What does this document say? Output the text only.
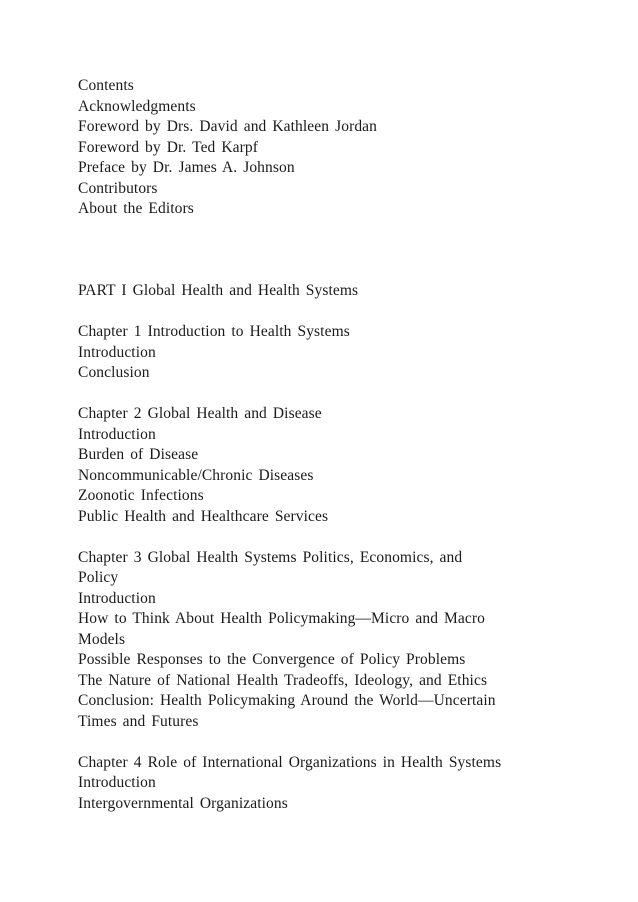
Contents
Acknowledgments
Foreword by Drs. David and Kathleen Jordan
Foreword by Dr. Ted Karpf
Preface by Dr. James A. Johnson
Contributors
About the Editors
PART I Global Health and Health Systems
Chapter 1 Introduction to Health Systems
Introduction
Conclusion
Chapter 2 Global Health and Disease
Introduction
Burden of Disease
Noncommunicable/Chronic Diseases
Zoonotic Infections
Public Health and Healthcare Services
Chapter 3 Global Health Systems Politics, Economics, and
Policy
Introduction
How to Think About Health Policymaking—Micro and Macro
Models
Possible Responses to the Convergence of Policy Problems
The Nature of National Health Tradeoffs, Ideology, and Ethics
Conclusion: Health Policymaking Around the World—Uncertain
Times and Futures
Chapter 4 Role of International Organizations in Health Systems
Introduction
Intergovernmental Organizations
